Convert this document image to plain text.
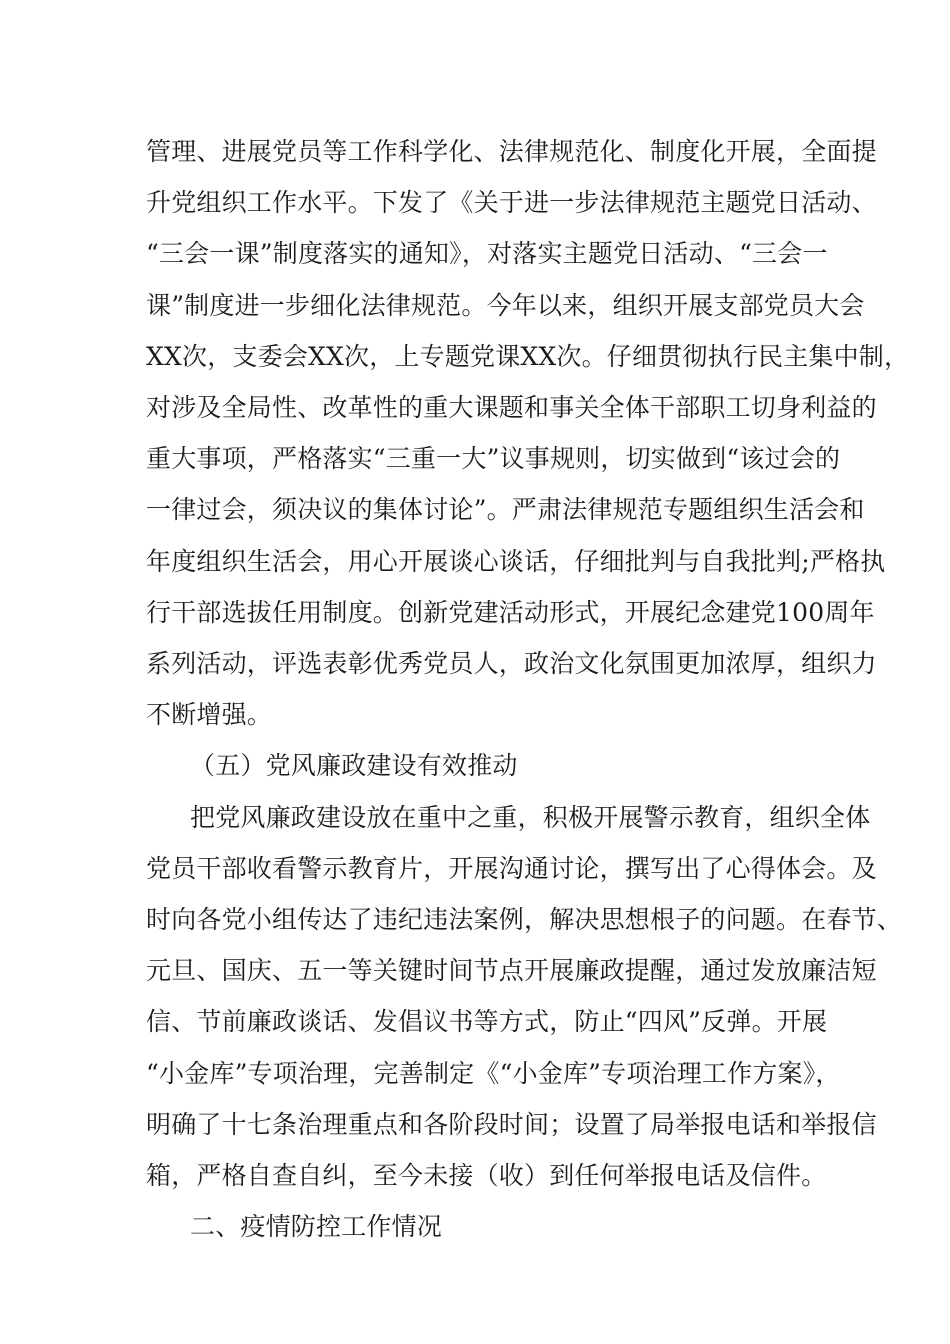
管理、进展党员等工作科学化、法律规范化、制度化开展，全面提
升党组织工作水平。下发了《关于进一步法律规范主题党日活动、
“三会一课”制度落实的通知》，对落实主题党日活动、“三会一
课”制度进一步细化法律规范。今年以来，组织开展支部党员大会
XX次，支委会XX次，上专题党课XX次。仔细贯彻执行民主集中制，
对涉及全局性、改革性的重大课题和事关全体干部职工切身利益的
重大事项，严格落实“三重一大”议事规则，切实做到“该过会的
一律过会，须决议的集体讨论”。严肃法律规范专题组织生活会和
年度组织生活会，用心开展谈心谈话，仔细批判与自我批判;严格执
行干部选拔任用制度。创新党建活动形式，开展纪念建党100周年
系列活动，评选表彰优秀党员人，政治文化氛围更加浓厚，组织力
不断增强。
（五）党风廉政建设有效推动
把党风廉政建设放在重中之重，积极开展警示教育，组织全体
党员干部收看警示教育片，开展沟通讨论，撰写出了心得体会。及
时向各党小组传达了违纪违法案例，解决思想根子的问题。在春节、
元旦、国庆、五一等关键时间节点开展廉政提醒，通过发放廉洁短
信、节前廉政谈话、发倡议书等方式，防止“四风”反弹。开展
“小金库”专项治理，完善制定《“小金库”专项治理工作方案》，
明确了十七条治理重点和各阶段时间；设置了局举报电话和举报信
箱，严格自查自纠，至今未接（收）到任何举报电话及信件。
二、疫情防控工作情况
